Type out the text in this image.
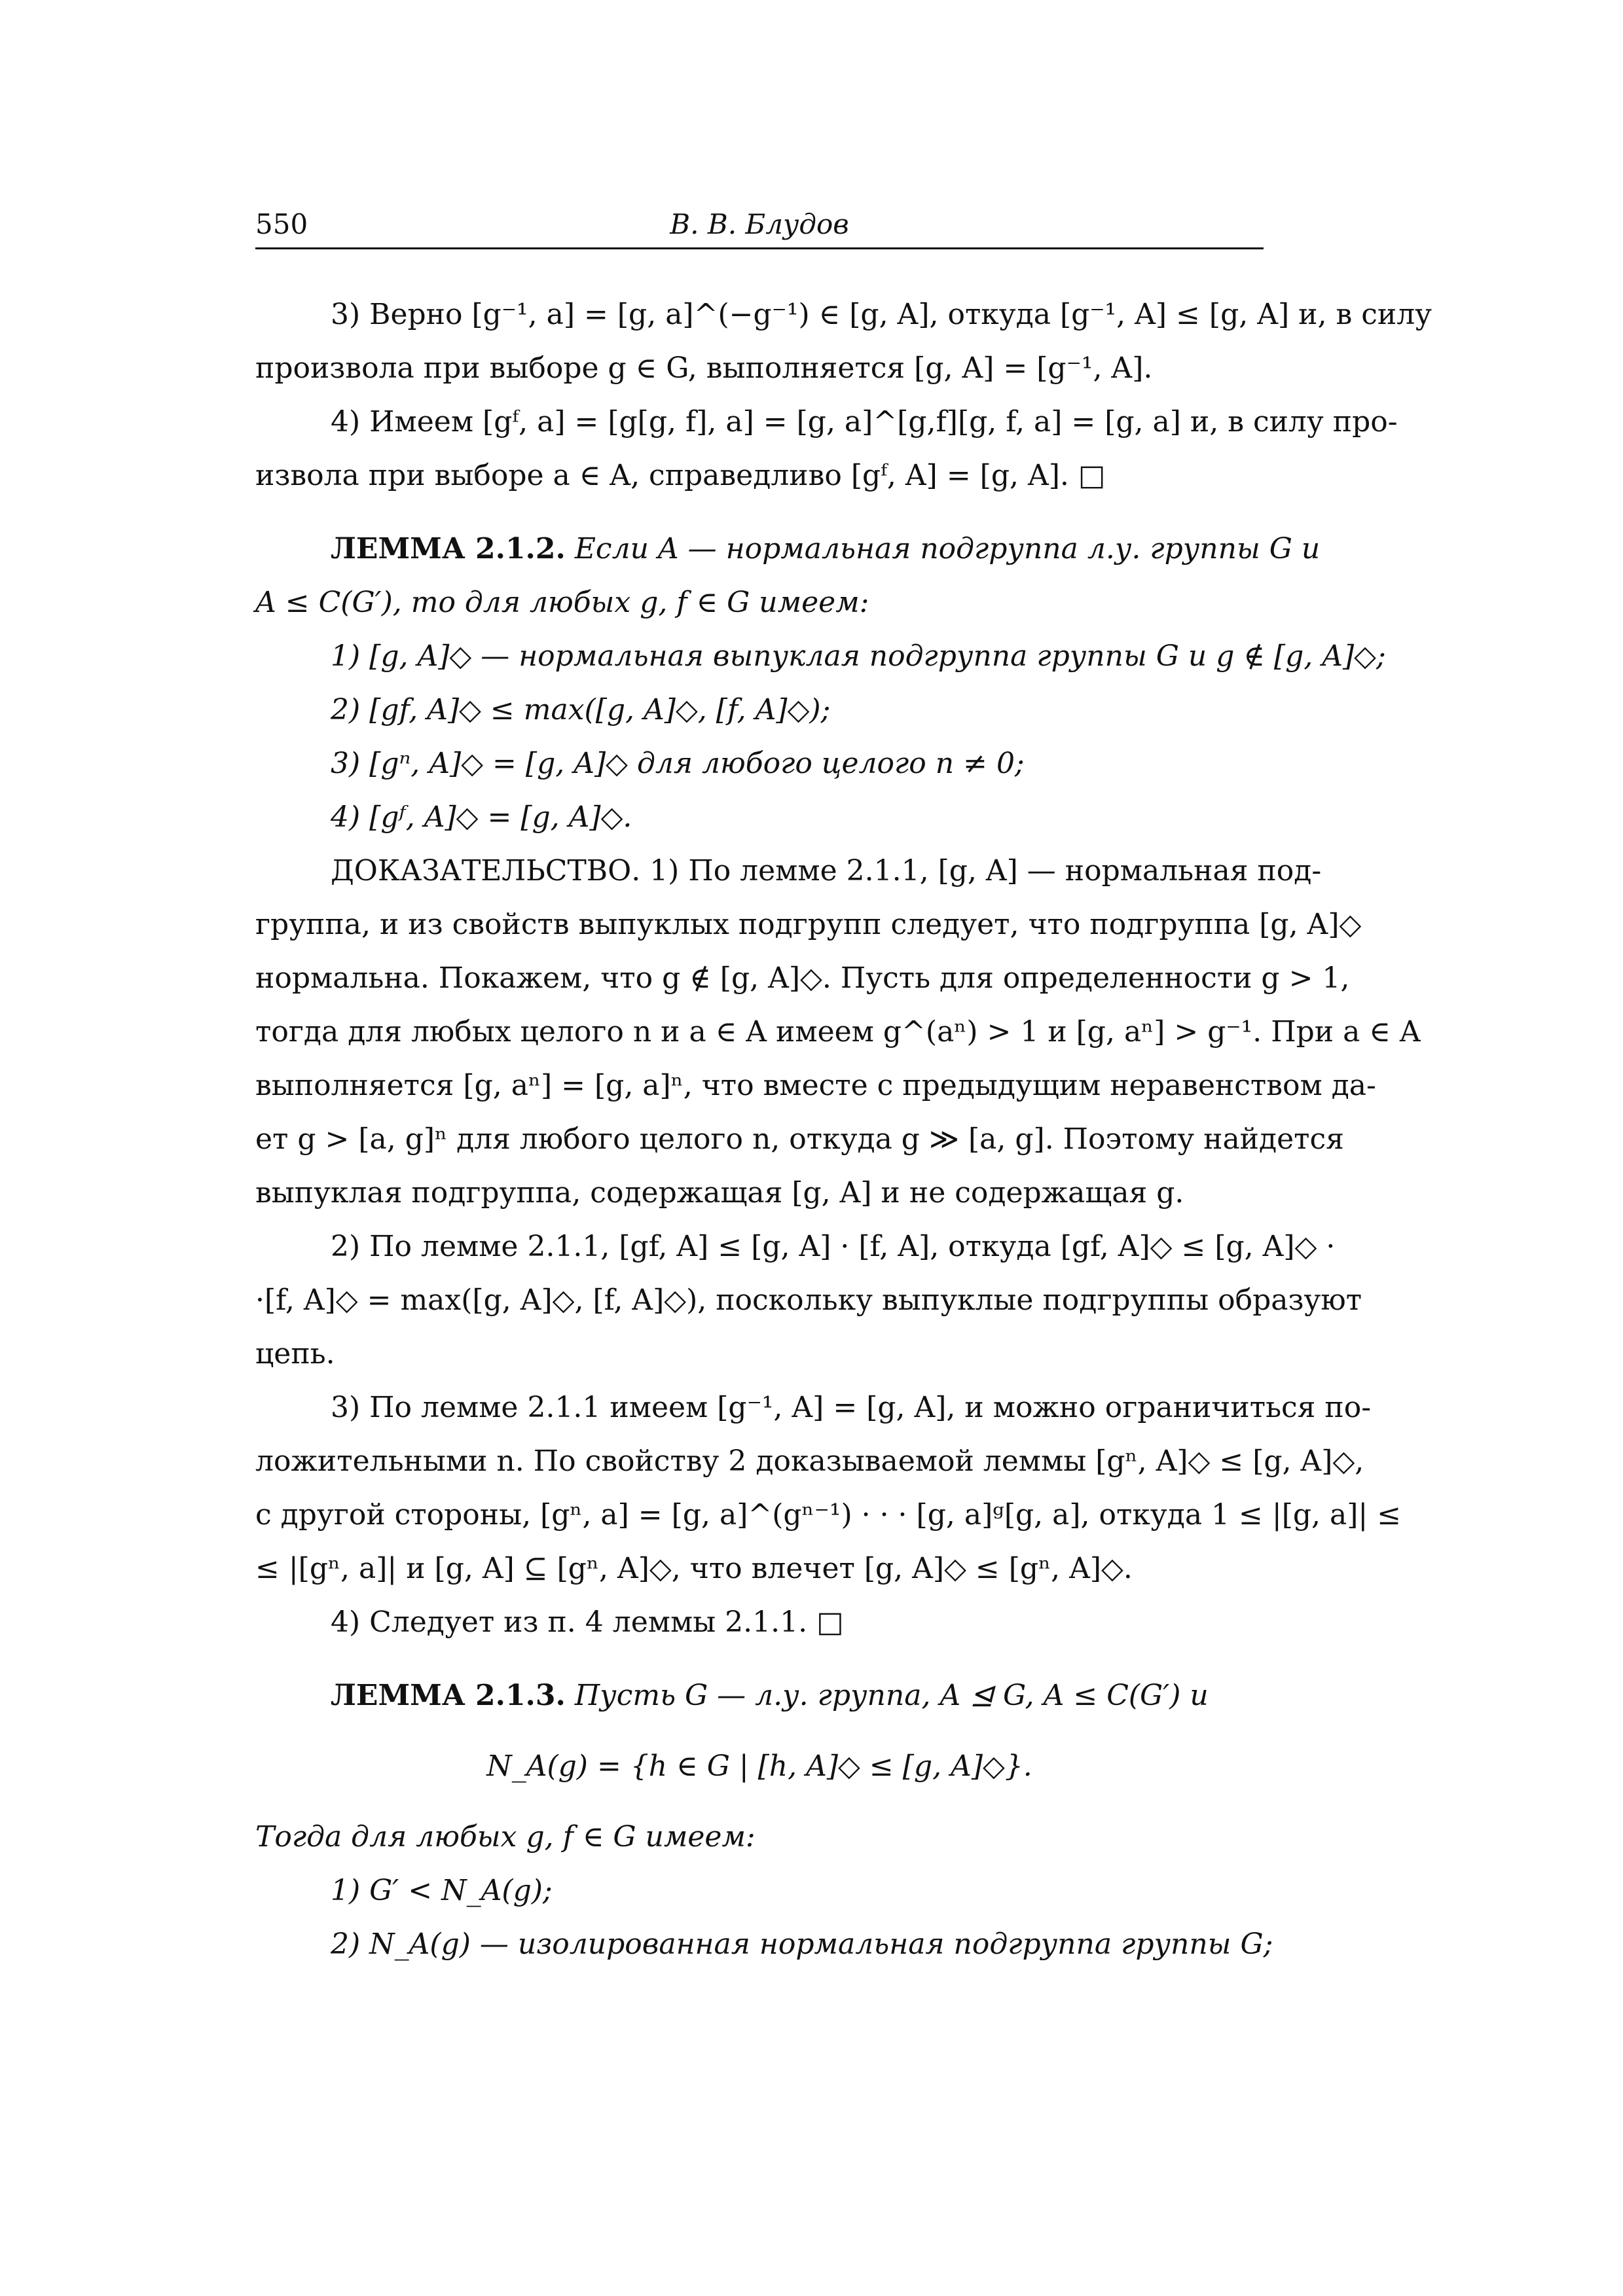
550	В. В. Блудов
3) Верно [g⁻¹, a] = [g, a]^(−g⁻¹) ∈ [g, A], откуда [g⁻¹, A] ≤ [g, A] и, в силу
произвола при выборе g ∈ G, выполняется [g, A] = [g⁻¹, A].
4) Имеем [gᶠ, a] = [g[g, f], a] = [g, a]^[g,f][g, f, a] = [g, a] и, в силу про-
извола при выборе a ∈ A, справедливо [gᶠ, A] = [g, A]. □
ЛЕММА 2.1.2. Если A — нормальная подгруппа л.у. группы G и
A ≤ C(G′), то для любых g, f ∈ G имеем:
1) [g, A]◇ — нормальная выпуклая подгруппа группы G и g ∉ [g, A]◇;
2) [gf, A]◇ ≤ max([g, A]◇, [f, A]◇);
3) [gⁿ, A]◇ = [g, A]◇ для любого целого n ≠ 0;
4) [gᶠ, A]◇ = [g, A]◇.
ДОКАЗАТЕЛЬСТВО. 1) По лемме 2.1.1, [g, A] — нормальная под-
группа, и из свойств выпуклых подгрупп следует, что подгруппа [g, A]◇
нормальна. Покажем, что g ∉ [g, A]◇. Пусть для определенности g > 1,
тогда для любых целого n и a ∈ A имеем g^(aⁿ) > 1 и [g, aⁿ] > g⁻¹. При a ∈ A
выполняется [g, aⁿ] = [g, a]ⁿ, что вместе с предыдущим неравенством да-
ет g > [a, g]ⁿ для любого целого n, откуда g ≫ [a, g]. Поэтому найдется
выпуклая подгруппа, содержащая [g, A] и не содержащая g.
2) По лемме 2.1.1, [gf, A] ≤ [g, A] · [f, A], откуда [gf, A]◇ ≤ [g, A]◇ ·
·[f, A]◇ = max([g, A]◇, [f, A]◇), поскольку выпуклые подгруппы образуют
цепь.
3) По лемме 2.1.1 имеем [g⁻¹, A] = [g, A], и можно ограничиться по-
ложительными n. По свойству 2 доказываемой леммы [gⁿ, A]◇ ≤ [g, A]◇,
с другой стороны, [gⁿ, a] = [g, a]^(gⁿ⁻¹) · · · [g, a]ᵍ[g, a], откуда 1 ≤ |[g, a]| ≤
≤ |[gⁿ, a]| и [g, A] ⊆ [gⁿ, A]◇, что влечет [g, A]◇ ≤ [gⁿ, A]◇.
4) Следует из п. 4 леммы 2.1.1. □
ЛЕММА 2.1.3. Пусть G — л.у. группа, A ⊴ G, A ≤ C(G′) и
N_A(g) = {h ∈ G | [h, A]◇ ≤ [g, A]◇}.
Тогда для любых g, f ∈ G имеем:
1) G′ < N_A(g);
2) N_A(g) — изолированная нормальная подгруппа группы G;
